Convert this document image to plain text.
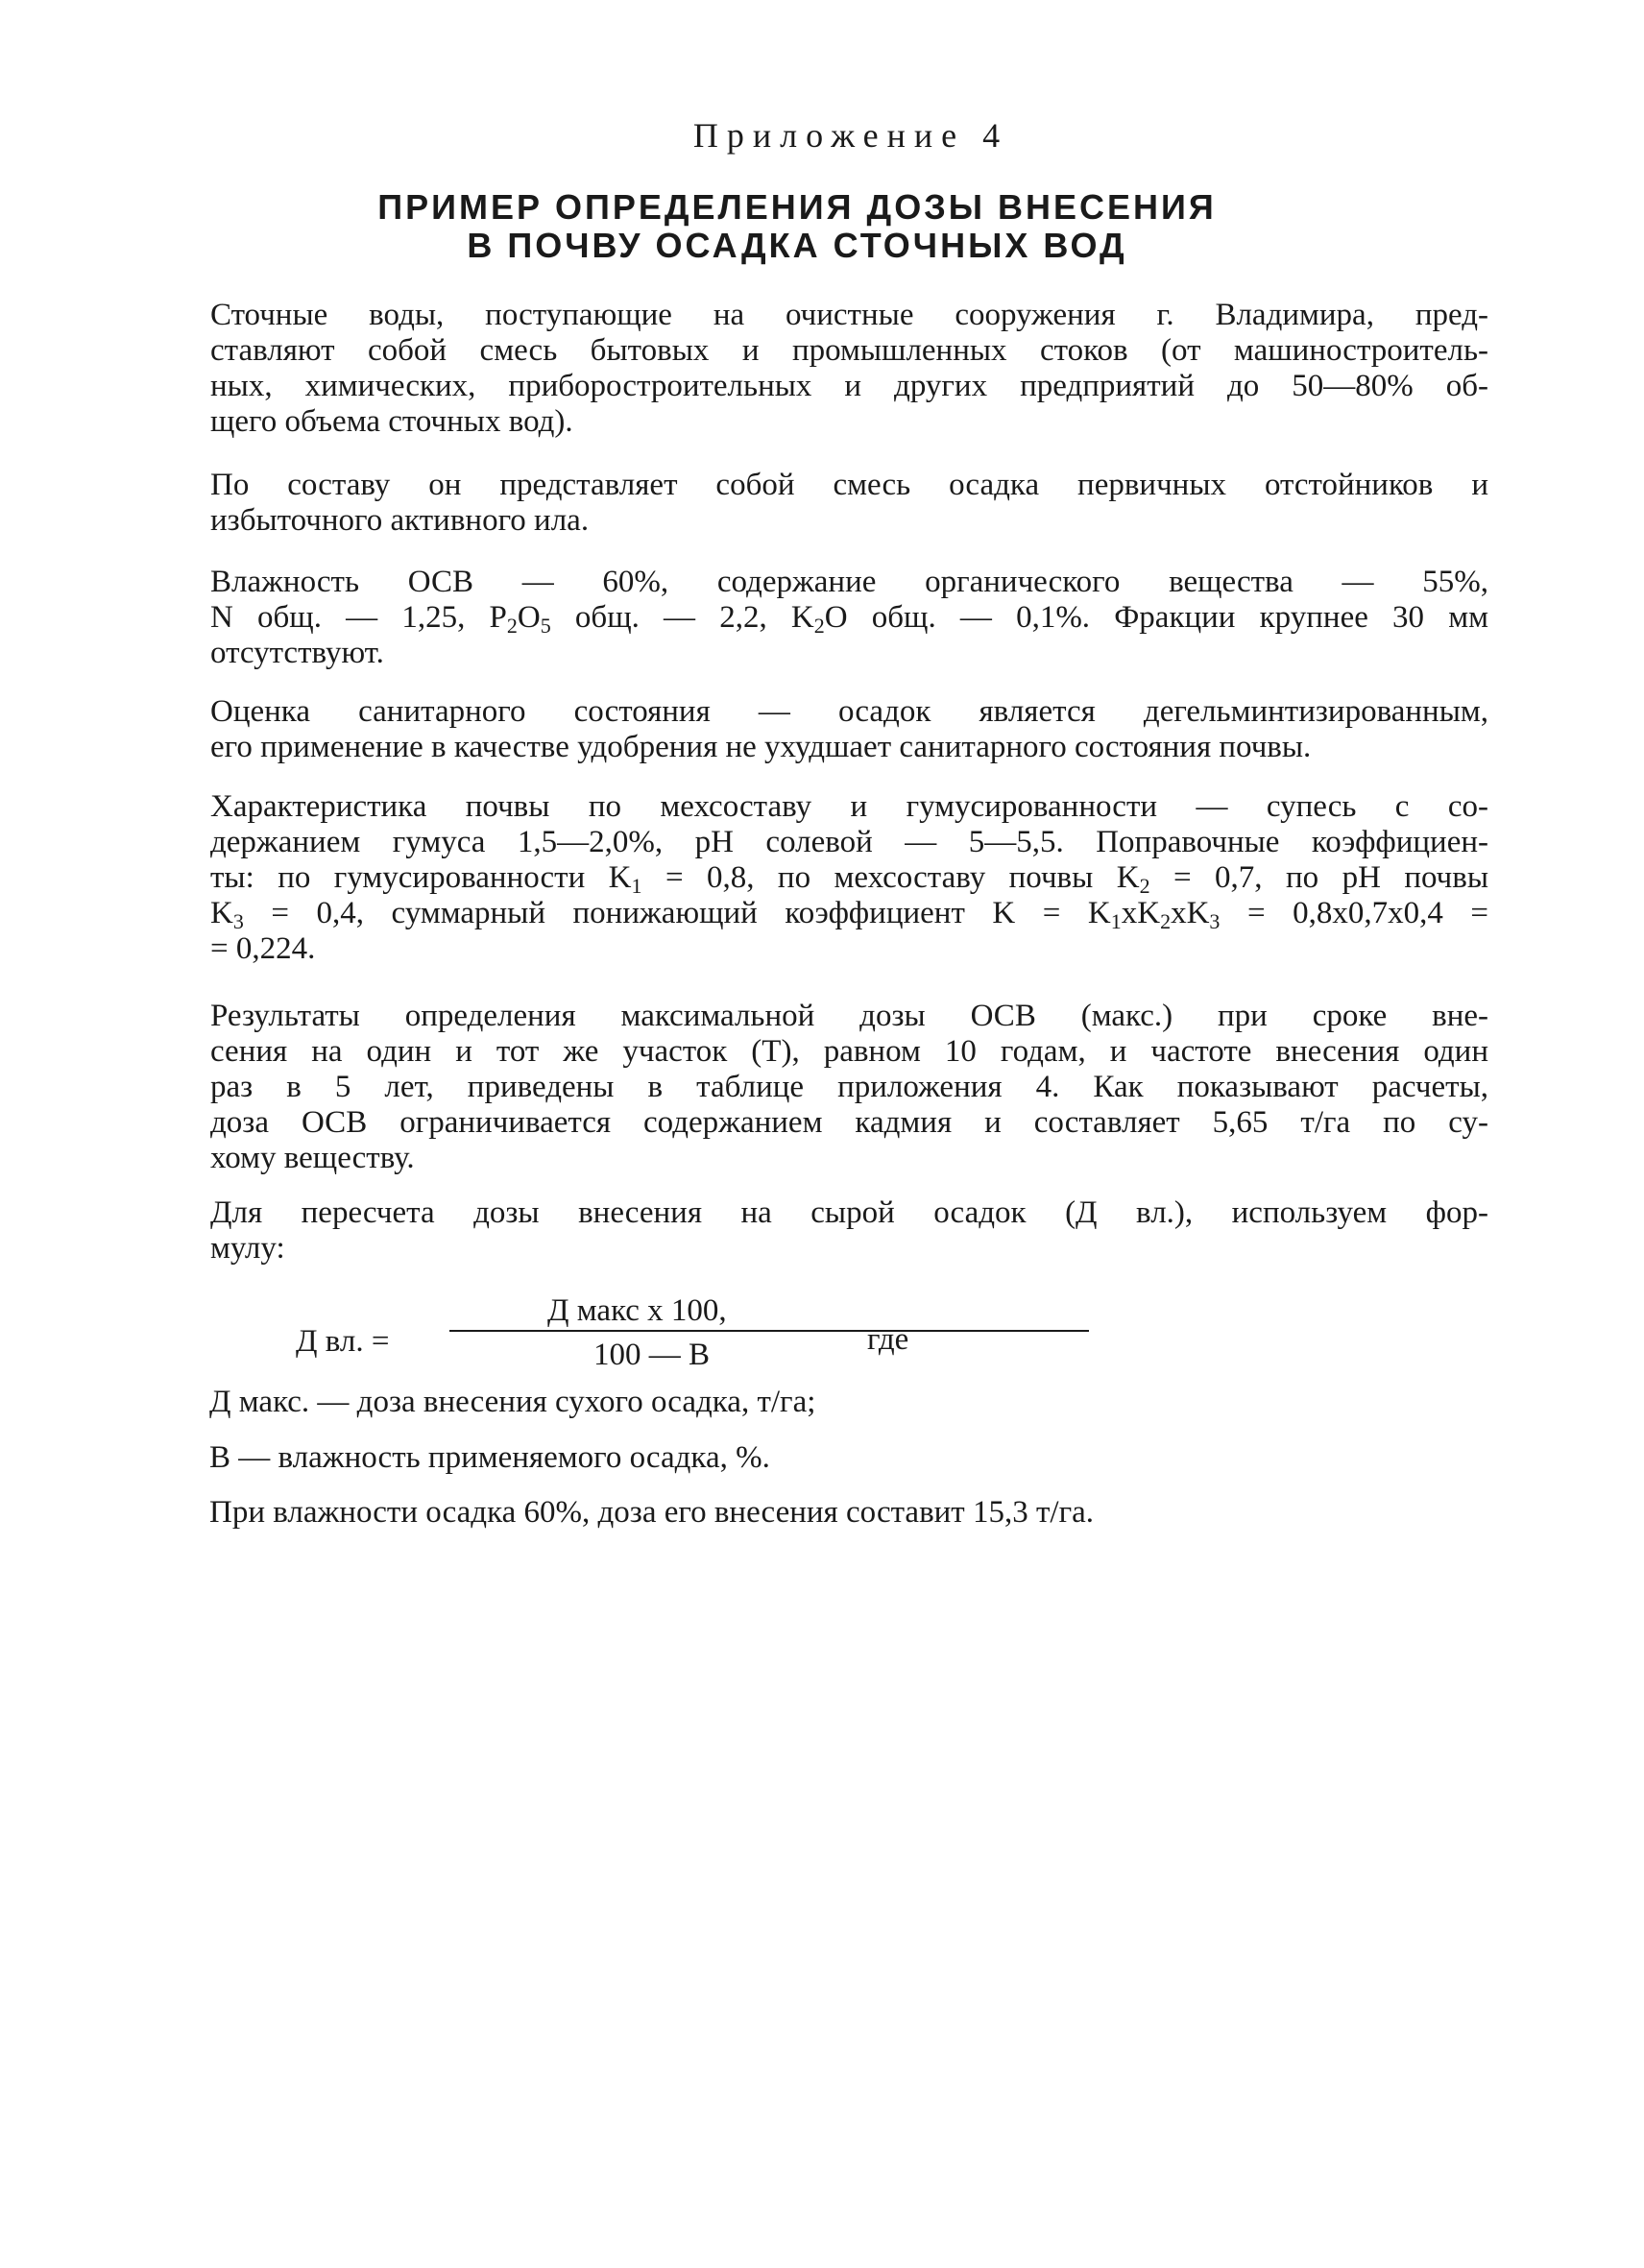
Приложение 4
ПРИМЕР ОПРЕДЕЛЕНИЯ ДОЗЫ ВНЕСЕНИЯ
В ПОЧВУ ОСАДКА СТОЧНЫХ ВОД
Сточные воды, поступающие на очистные сооружения г. Владимира, пред-
ставляют собой смесь бытовых и промышленных стоков (от машиностроитель-
ных, химических, приборостроительных и других предприятий до 50—80% об-
щего объема сточных вод).
По составу он представляет собой смесь осадка первичных отстойников и
избыточного активного ила.
Влажность ОСВ — 60%, содержание органического вещества — 55%,
N общ. — 1,25, $P_2O_5$ общ. — 2,2, $K_2O$ общ. — 0,1%. Фракции крупнее 30 мм
отсутствуют.
Оценка санитарного состояния — осадок является дегельминтизированным,
его применение в качестве удобрения не ухудшает санитарного состояния почвы.
Характеристика почвы по мехсоставу и гумусированности — супесь с со-
держанием гумуса 1,5—2,0%, pH солевой — 5—5,5. Поправочные коэффициен-
ты: по гумусированности $K_1 = 0,8$, по мехсоставу почвы $K_2 = 0,7$, по pH почвы
$K_3 = 0,4$, суммарный понижающий коэффициент $K = K_1xK_2xK_3 = 0,8x0,7x0,4$ =
= 0,224.
Результаты определения максимальной дозы ОСВ (макс.) при сроке вне-
сения на один и тот же участок (Т), равном 10 годам, и частоте внесения один
раз в 5 лет, приведены в таблице приложения 4. Как показывают расчеты,
доза ОСВ ограничивается содержанием кадмия и составляет 5,65 т/га по су-
хому веществу.
Для пересчета дозы внесения на сырой осадок (Д вл.), используем фор-
мулу:
Д вл. =
Д макс х 100,
100 — В	где
Д макс. — доза внесения сухого осадка, т/га;
В — влажность применяемого осадка, %.
При влажности осадка 60%, доза его внесения составит 15,3 т/га.
